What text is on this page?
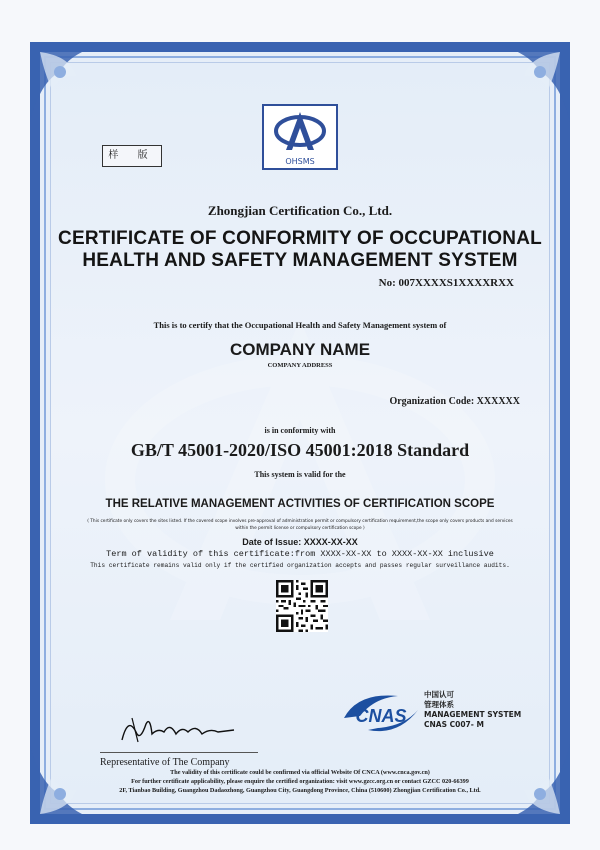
样 版
OHSMS
Zhongjian Certification Co., Ltd.
CERTIFICATE OF CONFORMITY OF OCCUPATIONAL
HEALTH AND SAFETY MANAGEMENT SYSTEM
No: 007XXXXS1XXXXRXX
This is to certify that the Occupational Health and Safety Management system of
COMPANY NAME
COMPANY ADDRESS
Organization Code: XXXXXX
is in conformity with
GB/T 45001-2020/ISO 45001:2018 Standard
This system is valid for the
THE RELATIVE MANAGEMENT ACTIVITIES OF CERTIFICATION SCOPE
( This certificate only covers the sites listed. If the covered scope involves pre-approval of administration permit or compulsory certification requirement,the scope only covers products and services
within the permit license or compulsory certification scope )
Date of Issue: XXXX-XX-XX
Term of validity of this certificate:from XXXX-XX-XX to XXXX-XX-XX inclusive
This certificate remains valid only if the certified organization accepts and passes regular surveillance audits.
CNAS
中国认可
管理体系
MANAGEMENT SYSTEM
CNAS C007- M
Representative of The Company
The validity of this certificate could be confirmed via official Website Of CNCA (www.cnca.gov.cn)
For further certificate applicability, please enquire the certified organization: visit www.gzcc.org.cn or contact GZCC 020-66399
2F, Tianbao Building, Guangzhou Dadaozhong, Guangzhou City, Guangdong Province, China (510600) Zhongjian Certification Co., Ltd.
